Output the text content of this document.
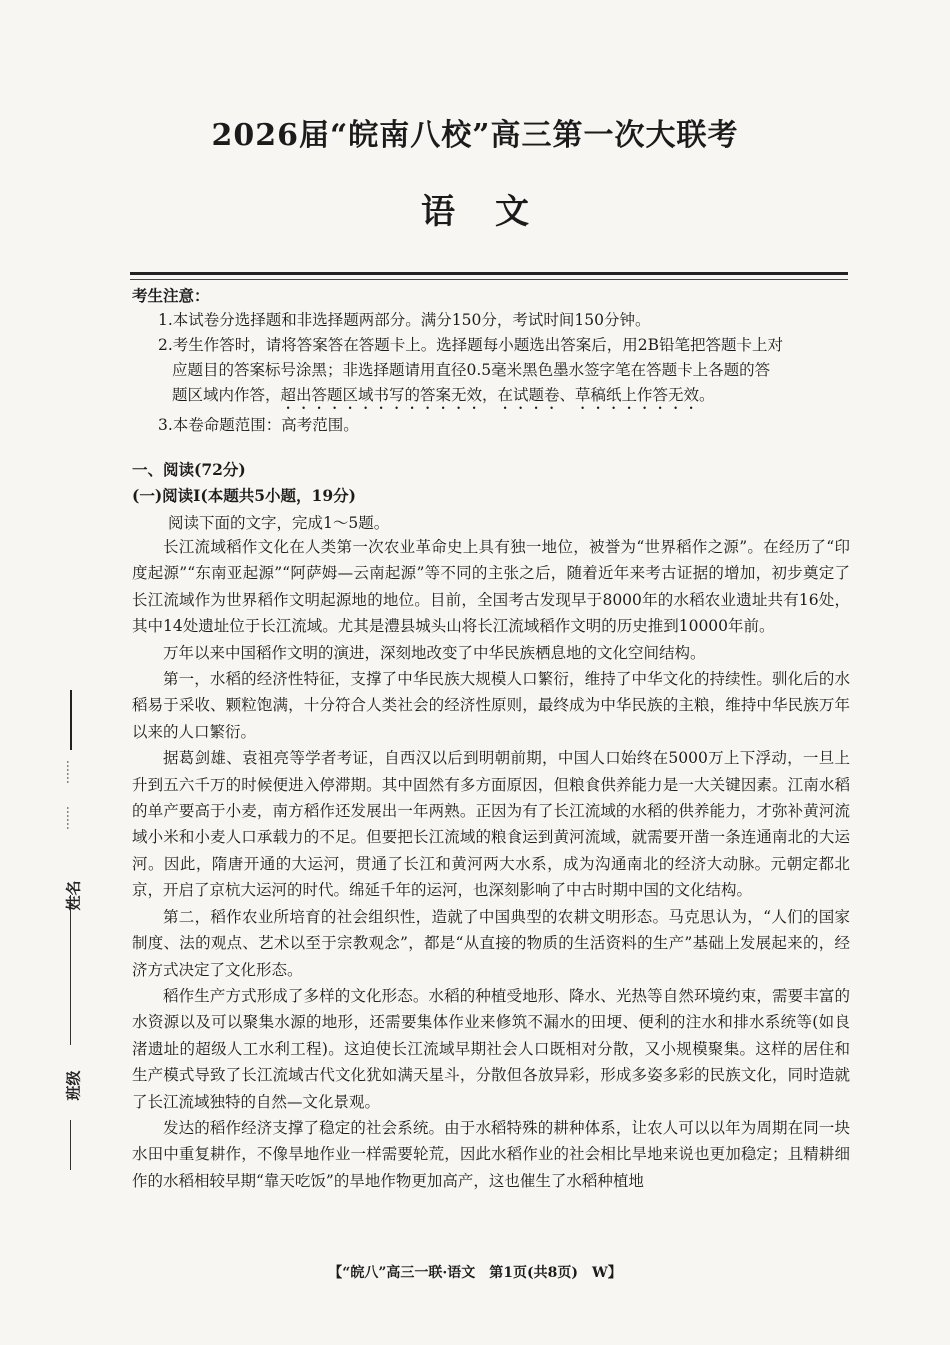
2026届“皖南八校”高三第一次大联考
语文
考生注意：

1.本试卷分选择题和非选择题两部分。满分150分，考试时间150分钟。

2.考生作答时，请将答案答在答题卡上。选择题每小题选出答案后，用2B铅笔把答题卡上对

应题目的答案标号涂黑；非选择题请用直径0.5毫米黑色墨水签字笔在答题卡上各题的答
题区域内作答，超出答题区域书写的答案无效，在试题卷、草稿纸上作答无效。

3.本卷命题范围：高考范围。

一、阅读(72分)
(一)阅读Ⅰ(本题共5小题，19分)
阅读下面的文字，完成1～5题。

长江流域稻作文化在人类第一次农业革命史上具有独一地位，被誉为“世界稻作之源”。在经历了“印度起源”“东南亚起源”“阿萨姆—云南起源”等不同的主张之后，随着近年来考古证据的增加，初步奠定了长江流域作为世界稻作文明起源地的地位。目前，全国考古发现早于8000年的水稻农业遗址共有16处，其中14处遗址位于长江流域。尤其是澧县城头山将长江流域稻作文明的历史推到10000年前。

万年以来中国稻作文明的演进，深刻地改变了中华民族栖息地的文化空间结构。

第一，水稻的经济性特征，支撑了中华民族大规模人口繁衍，维持了中华文化的持续性。驯化后的水稻易于采收、颗粒饱满，十分符合人类社会的经济性原则，最终成为中华民族的主粮，维持中华民族万年以来的人口繁衍。

据葛剑雄、袁祖亮等学者考证，自西汉以后到明朝前期，中国人口始终在5000万上下浮动，一旦上升到五六千万的时候便进入停滞期。其中固然有多方面原因，但粮食供养能力是一大关键因素。江南水稻的单产要高于小麦，南方稻作还发展出一年两熟。正因为有了长江流域的水稻的供养能力，才弥补黄河流域小米和小麦人口承载力的不足。但要把长江流域的粮食运到黄河流域，就需要开凿一条连通南北的大运河。因此，隋唐开通的大运河，贯通了长江和黄河两大水系，成为沟通南北的经济大动脉。元朝定都北京，开启了京杭大运河的时代。绵延千年的运河，也深刻影响了中古时期中国的文化结构。

第二，稻作农业所培育的社会组织性，造就了中国典型的农耕文明形态。马克思认为，“人们的国家制度、法的观点、艺术以至于宗教观念”，都是“从直接的物质的生活资料的生产”基础上发展起来的，经济方式决定了文化形态。

稻作生产方式形成了多样的文化形态。水稻的种植受地形、降水、光热等自然环境约束，需要丰富的水资源以及可以聚集水源的地形，还需要集体作业来修筑不漏水的田埂、便利的注水和排水系统等(如良渚遗址的超级人工水利工程)。这迫使长江流域早期社会人口既相对分散，又小规模聚集。这样的居住和生产模式导致了长江流域古代文化犹如满天星斗，分散但各放异彩，形成多姿多彩的民族文化，同时造就了长江流域独特的自然—文化景观。

发达的稻作经济支撑了稳定的社会系统。由于水稻特殊的耕种体系，让农人可以以年为周期在同一块水田中重复耕作，不像旱地作业一样需要轮荒，因此水稻作业的社会相比旱地来说也更加稳定；且精耕细作的水稻相较早期“靠天吃饭”的旱地作物更加高产，这也催生了水稻种植地

【“皖八”高三一联·语文　第1页(共8页)　W】
……
……
姓名
班级
